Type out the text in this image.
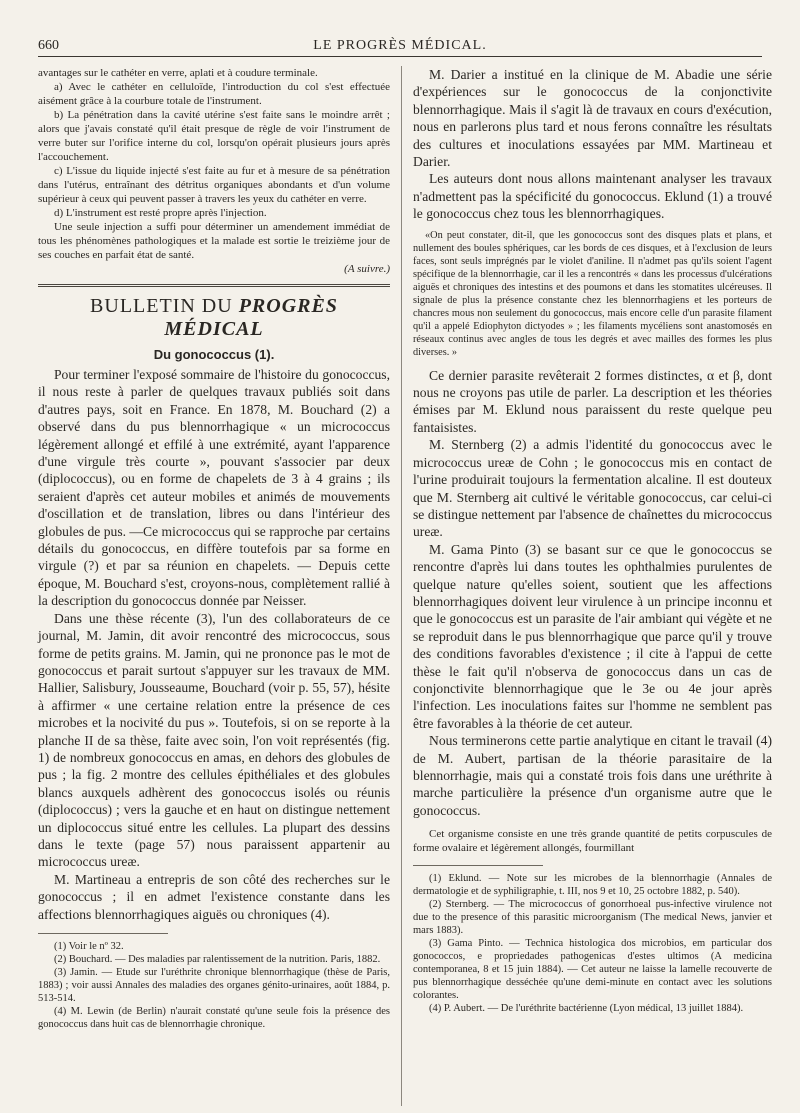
660	LE PROGRÈS MÉDICAL.

avantages sur le cathéter en verre, aplati et à coudure terminale.

a) Avec le cathéter en celluloïde, l'introduction du col s'est effectuée aisément grâce à la courbure totale de l'instrument.

b) La pénétration dans la cavité utérine s'est faite sans le moindre arrêt ; alors que j'avais constaté qu'il était presque de règle de voir l'instrument de verre buter sur l'orifice interne du col, lorsqu'on opérait plusieurs jours après l'accouchement.

c) L'issue du liquide injecté s'est faite au fur et à mesure de sa pénétration dans l'utérus, entraînant des détritus organiques abondants et d'un volume supérieur à ceux qui peuvent passer à travers les yeux du cathéter en verre.

d) L'instrument est resté propre après l'injection.

Une seule injection a suffi pour déterminer un amendement immédiat de tous les phénomènes pathologiques et la malade est sortie le treizième jour de ses couches en parfait état de santé.

(A suivre.)

BULLETIN DU PROGRÈS MÉDICAL
Du gonococcus (1).

Pour terminer l'exposé sommaire de l'histoire du gonococcus, il nous reste à parler de quelques travaux publiés soit dans d'autres pays, soit en France. En 1878, M. Bouchard (2) a observé dans du pus blennorrhagique « un micrococcus légèrement allongé et effilé à une extrémité, ayant l'apparence d'une virgule très courte », pouvant s'associer par deux (diplococcus), ou en forme de chapelets de 3 à 4 grains ; ils seraient d'après cet auteur mobiles et animés de mouvements d'oscillation et de translation, libres ou dans l'intérieur des globules de pus. —Ce micrococcus qui se rapproche par certains détails du gonococcus, en diffère toutefois par sa forme en virgule (?) et par sa réunion en chapelets. — Depuis cette époque, M. Bouchard s'est, croyons-nous, complètement rallié à la description du gonococcus donnée par Neisser.

Dans une thèse récente (3), l'un des collaborateurs de ce journal, M. Jamin, dit avoir rencontré des micrococcus, sous forme de petits grains. M. Jamin, qui ne prononce pas le mot de gonococcus et parait surtout s'appuyer sur les travaux de MM. Hallier, Salisbury, Jousseaume, Bouchard (voir p. 55, 57), hésite à affirmer « une certaine relation entre la présence de ces microbes et la nocivité du pus ». Toutefois, si on se reporte à la planche II de sa thèse, faite avec soin, l'on voit représentés (fig. 1) de nombreux gonococcus en amas, en dehors des globules de pus ; la fig. 2 montre des cellules épithéliales et des globules blancs auxquels adhèrent des gonococcus isolés ou réunis (diplococcus) ; vers la gauche et en haut on distingue nettement un diplococcus situé entre les cellules. La plupart des dessins dans le texte (page 57) nous paraissent appartenir au micrococcus ureæ.

M. Martineau a entrepris de son côté des recherches sur le gonococcus ; il en admet l'existence constante dans les affections blennorrhagiques aiguës ou chroniques (4).

(1) Voir le nº 32.

(2) Bouchard. — Des maladies par ralentissement de la nutrition. Paris, 1882.

(3) Jamin. — Etude sur l'uréthrite chronique blennorrhagique (thèse de Paris, 1883) ; voir aussi Annales des maladies des organes génito-urinaires, août 1884, p. 513-514.

(4) M. Lewin (de Berlin) n'aurait constaté qu'une seule fois la présence des gonococcus dans huit cas de blennorrhagie chronique.

M. Darier a institué en la clinique de M. Abadie une série d'expériences sur le gonococcus de la conjonctivite blennorrhagique. Mais il s'agit là de travaux en cours d'exécution, nous en parlerons plus tard et nous ferons connaître les résultats des cultures et inoculations essayées par MM. Martineau et Darier.

Les auteurs dont nous allons maintenant analyser les travaux n'admettent pas la spécificité du gonococcus. Eklund (1) a trouvé le gonococcus chez tous les blennorrhagiques.

«On peut constater, dit-il, que les gonococcus sont des disques plats et plans, et nullement des boules sphériques, car les bords de ces disques, et à l'exclusion de leurs faces, sont seuls imprégnés par le violet d'aniline. Il n'admet pas qu'ils soient l'agent spécifique de la blennorrhagie, car il les a rencontrés « dans les processus d'ulcérations aiguës et chroniques des intestins et des poumons et dans les stomatites ulcéreuses. Il signale de plus la présence constante chez les blennorrhagiens et les porteurs de chancres mous non seulement du gonococcus, mais encore celle d'un parasite filament qu'il a appelé Ediophyton dictyodes » ; les filaments mycéliens sont anastomosés en réseaux continus avec angles de tous les degrés et avec mailles des formes les plus diverses. »

Ce dernier parasite revêterait 2 formes distinctes, α et β, dont nous ne croyons pas utile de parler. La description et les théories émises par M. Eklund nous paraissent du reste quelque peu fantaisistes.

M. Sternberg (2) a admis l'identité du gonococcus avec le micrococcus ureæ de Cohn ; le gonococcus mis en contact de l'urine produirait toujours la fermentation alcaline. Il est douteux que M. Sternberg ait cultivé le véritable gonococcus, car celui-ci se distingue nettement par l'absence de chaînettes du micrococcus ureæ.

M. Gama Pinto (3) se basant sur ce que le gonococcus se rencontre d'après lui dans toutes les ophthalmies purulentes de quelque nature qu'elles soient, soutient que les affections blennorrhagiques doivent leur virulence à un principe inconnu et que le gonococcus est un parasite de l'air ambiant qui végète et ne se reproduit dans le pus blennorrhagique que parce qu'il y trouve des conditions favorables d'existence ; il cite à l'appui de cette thèse le fait qu'il n'observa de gonococcus dans un cas de conjonctivite blennorrhagique que le 3e ou 4e jour après l'infection. Les inoculations faites sur l'homme ne semblent pas être favorables à la théorie de cet auteur.

Nous terminerons cette partie analytique en citant le travail (4) de M. Aubert, partisan de la théorie parasitaire de la blennorrhagie, mais qui a constaté trois fois dans une uréthrite à marche particulière la présence d'un organisme autre que le gonococcus.

Cet organisme consiste en une très grande quantité de petits corpuscules de forme ovalaire et légèrement allongés, fourmillant

(1) Eklund. — Note sur les microbes de la blennorrhagie (Annales de dermatologie et de syphiligraphie, t. III, nos 9 et 10, 25 octobre 1882, p. 540).

(2) Sternberg. — The micrococcus of gonorrhoeal pus-infective virulence not due to the presence of this parasitic microorganism (The medical News, janvier et mars 1883).

(3) Gama Pinto. — Technica histologica dos microbios, em particular dos gonococcos, e propriedades pathogenicas d'estes ultimos (A medicina contemporanea, 8 et 15 juin 1884). — Cet auteur ne laisse la lamelle recouverte de pus blennorrhagique desséchée qu'une demi-minute en contact avec les solutions colorantes.

(4) P. Aubert. — De l'uréthrite bactérienne (Lyon médical, 13 juillet 1884).
